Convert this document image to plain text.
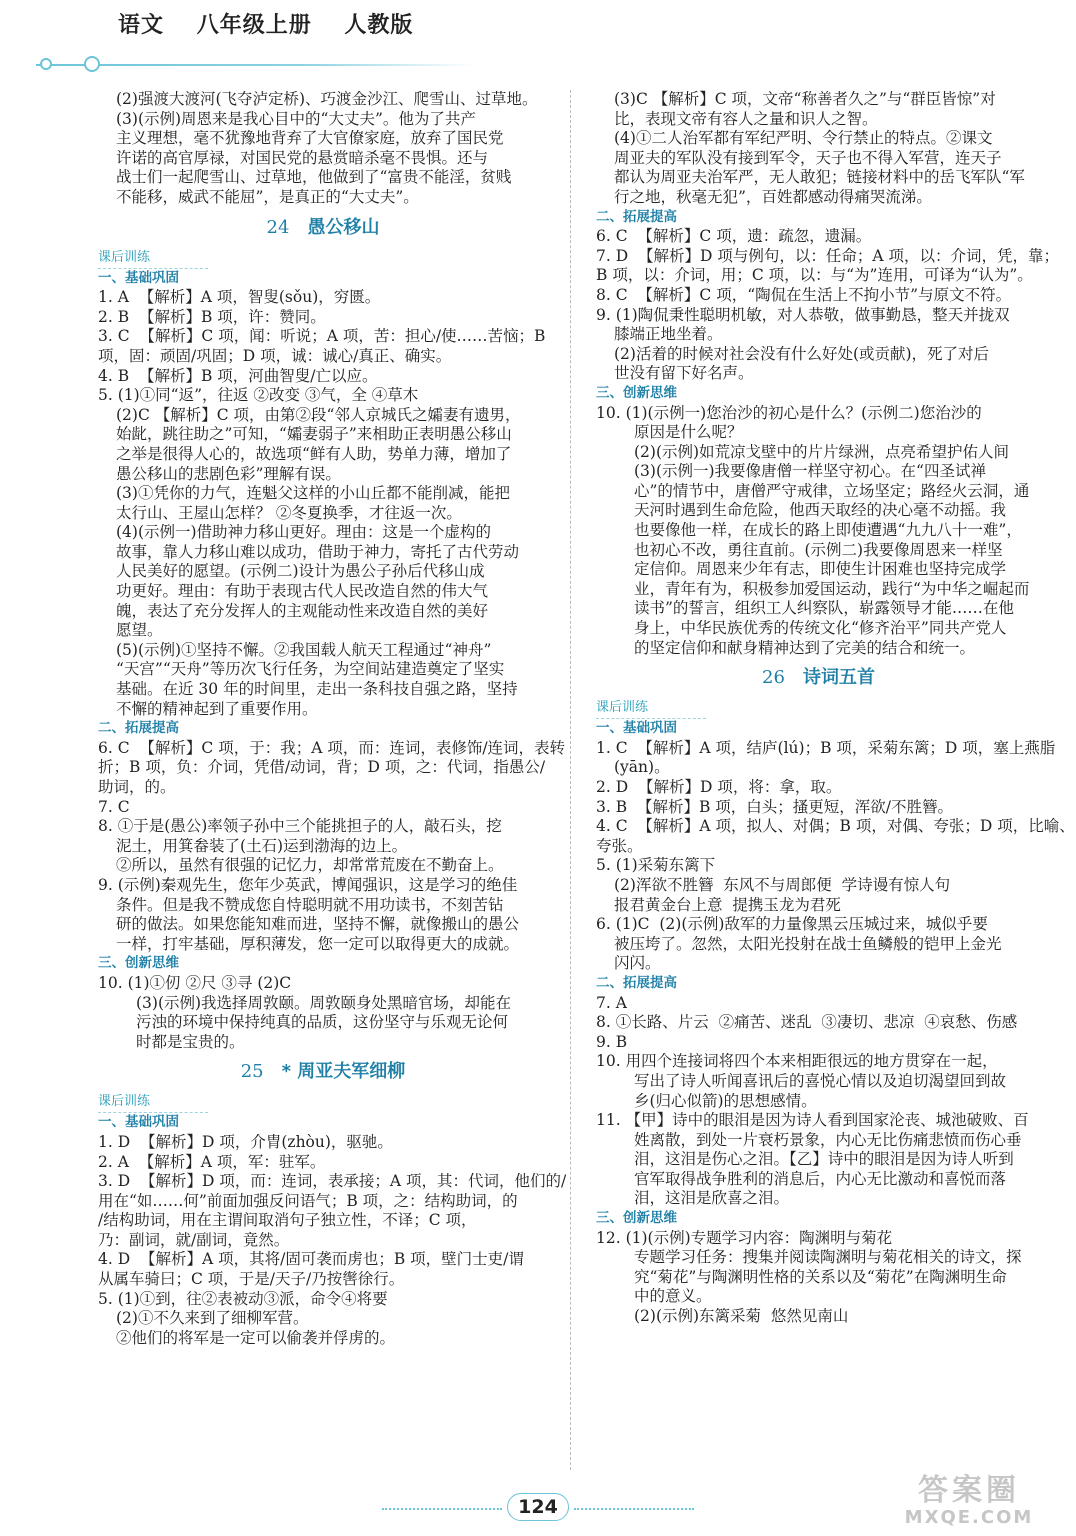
语文 八年级上册 人教版
(2)强渡大渡河(飞夺泸定桥)、巧渡金沙江、爬雪山、过草地。
(3)(示例)周恩来是我心目中的“大丈夫”。他为了共产
主义理想，毫不犹豫地背弃了大官僚家庭，放弃了国民党
许诺的高官厚禄，对国民党的悬赏暗杀毫不畏惧。还与
战士们一起爬雪山、过草地，他做到了“富贵不能淫，贫贱
不能移，威武不能屈”，是真正的“大丈夫”。
24 愚公移山
课后训练
一、基础巩固
1. A  【解析】A 项，智叟(sǒu)，穷匮。
2. B  【解析】B 项，许：赞同。
3. C  【解析】C 项，闻：听说；A 项，苦：担心/使……苦恼；B
项，固：顽固/巩固；D 项，诚：诚心/真正、确实。
4. B  【解析】B 项，河曲智叟/亡以应。
5. (1)①同“返”，往返 ②改变 ③气，全 ④草木
(2)C 【解析】C 项，由第②段“邻人京城氏之孀妻有遗男，
始龀，跳往助之”可知，“孀妻弱子”来相助正表明愚公移山
之举是很得人心的，故选项“鲜有人助，势单力薄，增加了
愚公移山的悲剧色彩”理解有误。
(3)①凭你的力气，连魁父这样的小山丘都不能削减，能把
太行山、王屋山怎样？ ②冬夏换季，才往返一次。
(4)(示例一)借助神力移山更好。理由：这是一个虚构的
故事，靠人力移山难以成功，借助于神力，寄托了古代劳动
人民美好的愿望。(示例二)设计为愚公子孙后代移山成
功更好。理由：有助于表现古代人民改造自然的伟大气
魄，表达了充分发挥人的主观能动性来改造自然的美好
愿望。
(5)(示例)①坚持不懈。②我国载人航天工程通过“神舟”
“天宫”“天舟”等历次飞行任务，为空间站建造奠定了坚实
基础。在近 30 年的时间里，走出一条科技自强之路，坚持
不懈的精神起到了重要作用。
二、拓展提高
6. C  【解析】C 项，于：我；A 项，而：连词，表修饰/连词，表转
折；B 项，负：介词，凭借/动词，背；D 项，之：代词，指愚公/
助词，的。
7. C
8. ①于是(愚公)率领子孙中三个能挑担子的人，敲石头，挖
泥土，用箕畚装了(土石)运到渤海的边上。
②所以，虽然有很强的记忆力，却常常荒废在不勤奋上。
9. (示例)秦观先生，您年少英武，博闻强识，这是学习的绝佳
条件。但是我不赞成您自恃聪明就不用功读书，不刻苦钻
研的做法。如果您能知难而进，坚持不懈，就像搬山的愚公
一样，打牢基础，厚积薄发，您一定可以取得更大的成就。
三、创新思维
10. (1)①仞 ②尺 ③寻 (2)C
(3)(示例)我选择周敦颐。周敦颐身处黑暗官场，却能在
污浊的环境中保持纯真的品质，这份坚守与乐观无论何
时都是宝贵的。
25 * 周亚夫军细柳
课后训练
一、基础巩固
1. D  【解析】D 项，介胄(zhòu)，驱驰。
2. A  【解析】A 项，军：驻军。
3. D  【解析】D 项，而：连词，表承接；A 项，其：代词，他们的/
用在“如……何”前面加强反问语气；B 项，之：结构助词，的
/结构助词，用在主谓间取消句子独立性，不译；C 项，
乃：副词，就/副词，竟然。
4. D  【解析】A 项，其将/固可袭而虏也；B 项，壁门士吏/谓
从属车骑曰；C 项，于是/天子/乃按辔徐行。
5. (1)①到，往②表被动③派，命令④将要
(2)①不久来到了细柳军营。
②他们的将军是一定可以偷袭并俘虏的。
(3)C 【解析】C 项，文帝“称善者久之”与“群臣皆惊”对
比，表现文帝有容人之量和识人之智。
(4)①二人治军都有军纪严明、令行禁止的特点。②课文
周亚夫的军队没有接到军令，天子也不得入军营，连天子
都认为周亚夫治军严，无人敢犯；链接材料中的岳飞军队“军
行之地，秋毫无犯”，百姓都感动得痛哭流涕。
二、拓展提高
6. C  【解析】C 项，遗：疏忽，遗漏。
7. D  【解析】D 项与例句，以：任命；A 项，以：介词，凭，靠；
B 项，以：介词，用；C 项，以：与“为”连用，可译为“认为”。
8. C  【解析】C 项，“陶侃在生活上不拘小节”与原文不符。
9. (1)陶侃秉性聪明机敏，对人恭敬，做事勤恳，整天并拢双
膝端正地坐着。
(2)活着的时候对社会没有什么好处(或贡献)，死了对后
世没有留下好名声。
三、创新思维
10. (1)(示例一)您治沙的初心是什么？(示例二)您治沙的
原因是什么呢？
(2)(示例)如荒凉戈壁中的片片绿洲，点亮希望护佑人间
(3)(示例一)我要像唐僧一样坚守初心。在“四圣试禅
心”的情节中，唐僧严守戒律，立场坚定；路经火云洞，通
天河时遇到生命危险，他西天取经的决心毫不动摇。我
也要像他一样，在成长的路上即使遭遇“九九八十一难”，
也初心不改，勇往直前。(示例二)我要像周恩来一样坚
定信仰。周恩来少年有志，即使生计困难也坚持完成学
业，青年有为，积极参加爱国运动，践行“为中华之崛起而
读书”的誓言，组织工人纠察队，崭露领导才能……在他
身上，中华民族优秀的传统文化“修齐治平”同共产党人
的坚定信仰和献身精神达到了完美的结合和统一。
26 诗词五首
课后训练
一、基础巩固
1. C  【解析】A 项，结庐(lú)；B 项，采菊东篱；D 项，塞上燕脂
(yān)。
2. D  【解析】D 项，将：拿，取。
3. B  【解析】B 项，白头；搔更短，浑欲/不胜簪。
4. C  【解析】A 项，拟人、对偶；B 项，对偶、夸张；D 项，比喻、
夸张。
5. (1)采菊东篱下
(2)浑欲不胜簪  东风不与周郎便  学诗谩有惊人句
报君黄金台上意  提携玉龙为君死
6. (1)C  (2)(示例)敌军的力量像黑云压城过来，城似乎要
被压垮了。忽然，太阳光投射在战士鱼鳞般的铠甲上金光
闪闪。
二、拓展提高
7. A
8. ①长路、片云  ②痛苦、迷乱  ③凄切、悲凉  ④哀愁、伤感
9. B
10. 用四个连接词将四个本来相距很远的地方贯穿在一起，
写出了诗人听闻喜讯后的喜悦心情以及迫切渴望回到故
乡(归心似箭)的思想感情。
11. 【甲】诗中的眼泪是因为诗人看到国家沦丧、城池破败、百
姓离散，到处一片衰朽景象，内心无比伤痛悲愤而伤心垂
泪，这泪是伤心之泪。【乙】诗中的眼泪是因为诗人听到
官军取得战争胜利的消息后，内心无比激动和喜悦而落
泪，这泪是欣喜之泪。
三、创新思维
12. (1)(示例)专题学习内容：陶渊明与菊花
专题学习任务：搜集并阅读陶渊明与菊花相关的诗文，探
究“菊花”与陶渊明性格的关系以及“菊花”在陶渊明生命
中的意义。
(2)(示例)东篱采菊  悠然见南山
124	答案圈
MXQE.COM
